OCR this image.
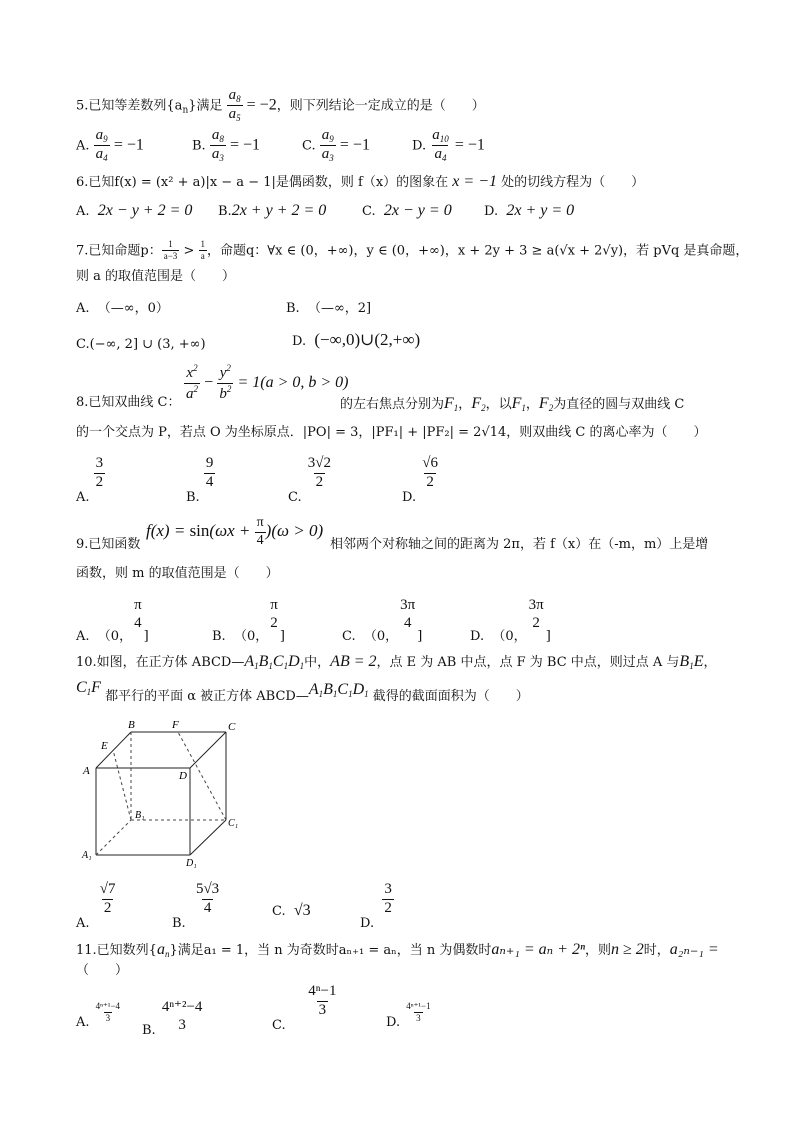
5.已知等差数列$\{a_n\}$满足 $\frac{a_8}{a_5} = -2$，则下列结论一定成立的是（　　）
A. $\frac{a_9}{a_4} = -1$	B. $\frac{a_8}{a_3} = -1$	C. $\frac{a_9}{a_3} = -1$	D. $\frac{a_{10}}{a_4} = -1$
6.已知f(x) = (x² + a)|x − a − 1|是偶函数，则 f（x）的图象在 x = −1 处的切线方程为（　　）
A. 2x − y + 2 = 0 B.2x + y + 2 = 0	C. 2x − y = 0 D. 2x + y = 0
7.已知命题p： $\frac{1}{a-3} > \frac{1}{a}$ ，命题q：∀x ∈ (0，+∞)，y ∈ (0，+∞)，x + 2y + 3 ≥ a(√x + 2√y)，若 pVq 是真命题，
则 a 的取值范围是（　　）
A. （—∞，0）	B. （—∞，2]
C.(−∞, 2] ∪ (3, +∞)	D. (−∞,0)∪(2,+∞)
$\frac{x^2}{a^2} - \frac{y^2}{b^2} = 1(a > 0$, b > 0)
8.已知双曲线 C：	的左右焦点分别为$F_1$，$F_2$，以$F_1$，$F_2$为直径的圆与双曲线 C
的一个交点为 P，若点 O 为坐标原点．|PO| = 3，|PF₁| + |PF₂| = 2√14，则双曲线 C 的离心率为（　　）
A.
$\frac{3}{2}$
B.
$\frac{9}{4}$
C.
$\frac{3√2}{2}$
D.
$\frac{√6}{2}$
$f(x) = \sin(\omega x + \frac{\pi}{4} )(\omega > 0)$
9.已知函数	相邻两个对称轴之间的距离为 2π，若 f（x）在（-m，m）上是增
函数，则 m 的取值范围是（　　）
A. （0，
π
4
]	B. （0，
π
2
]	C. （0，
3π
4
]	D. （0，
3π
2
]
10.如图，在正方体 $ABCD—A_1B_1C_1D_1$中，AB = 2，点 E 为 AB 中点，点 F 为 BC 中点，则过点 A 与$B_1E$，
$C_1F$ 都平行的平面 α 被正方体 $ABCD—A_1B_1C_1D_1$ 截得的截面面积为（　　）
B	F	C
E
A	D
B₁
C₁
A₁
D₁
A.
$\frac{√7}{2}$
B.
$\frac{5√3}{4}$	C. √3
D.
$\frac{3}{2}$
11.已知数列$\{a_n\}$满足a₁ = 1，当 n 为奇数时aₙ₊₁ = aₙ，当 n 为偶数时aₙ₊₁ = aₙ + 2ⁿ，则n ≥ 2时，a₂ₙ₋₁ =
（　　）
A. $\frac{\text{4ⁿ⁺¹−4}}{3}$
B.
4ⁿ⁺²−4
3	C.
$\frac{\text{4ⁿ−1}}{3}$
D. $\frac{\text{4ⁿ⁺¹−1}}{3}$
